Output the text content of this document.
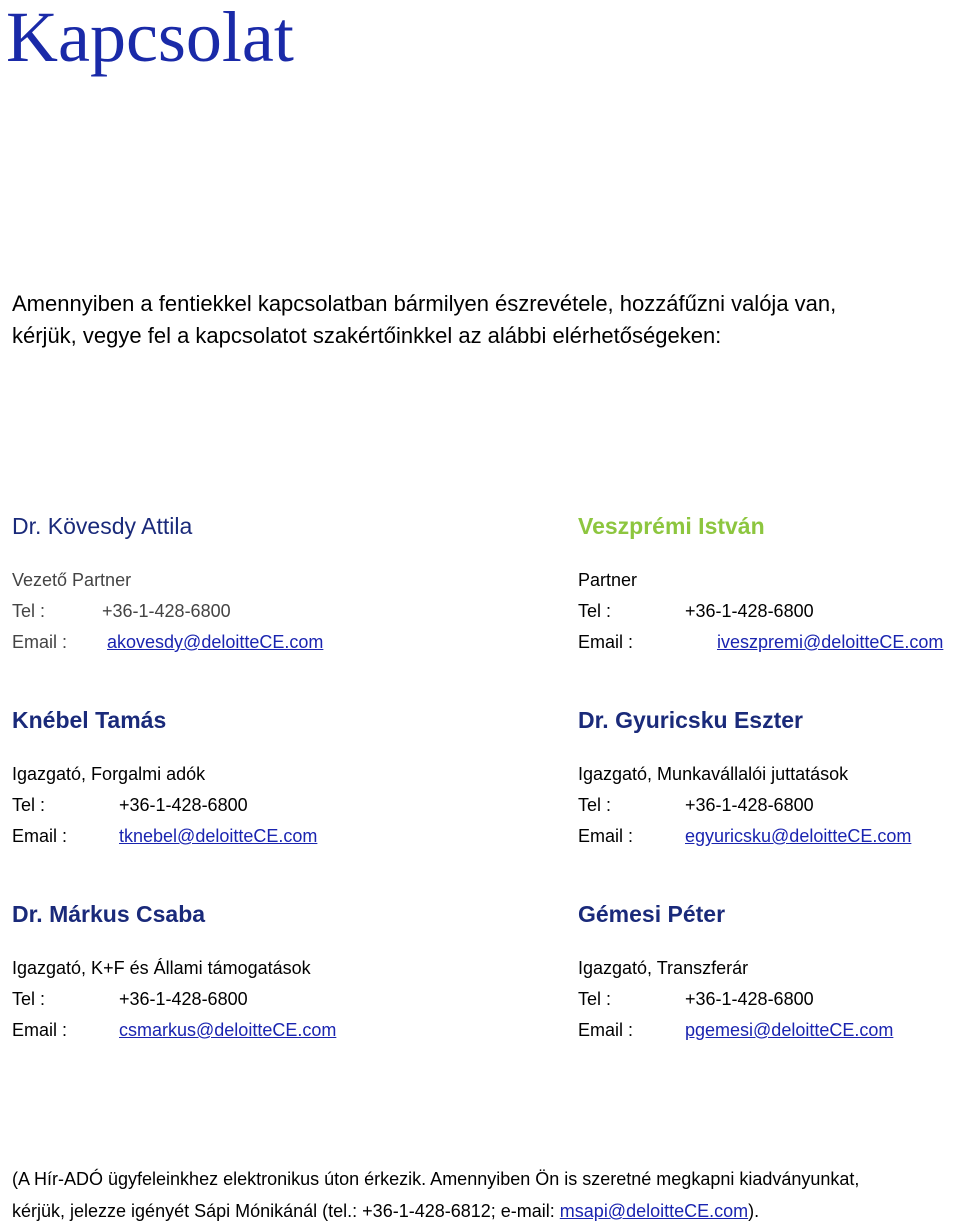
Kapcsolat

Amennyiben a fentiekkel kapcsolatban bármilyen észrevétele, hozzáfűzni valója van,

kérjük, vegye fel a kapcsolatot szakértőinkkel az alábbi elérhetőségeken:

Dr. Kövesdy Attila
Vezető Partner
Tel :	+36-1-428-6800
Email : akovesdy@deloitteCE.com
Veszprémi István
Partner
Tel :	+36-1-428-6800
Email :	iveszpremi@deloitteCE.com
Knébel Tamás
Igazgató, Forgalmi adók
Tel :	+36-1-428-6800
Email :	tknebel@deloitteCE.com
Dr. Gyuricsku Eszter
Igazgató, Munkavállalói juttatások
Tel :	+36-1-428-6800
Email :	egyuricsku@deloitteCE.com
Dr. Márkus Csaba
Igazgató, K+F és Állami támogatások
Tel :	+36-1-428-6800
Email :	csmarkus@deloitteCE.com
Gémesi Péter
Igazgató, Transzferár
Tel :	+36-1-428-6800
Email :	pgemesi@deloitteCE.com

(A Hír-ADÓ ügyfeleinkhez elektronikus úton érkezik. Amennyiben Ön is szeretné megkapni kiadványunkat,

kérjük, jelezze igényét Sápi Mónikánál (tel.: +36-1-428-6812; e-mail: msapi@deloitteCE.com).
